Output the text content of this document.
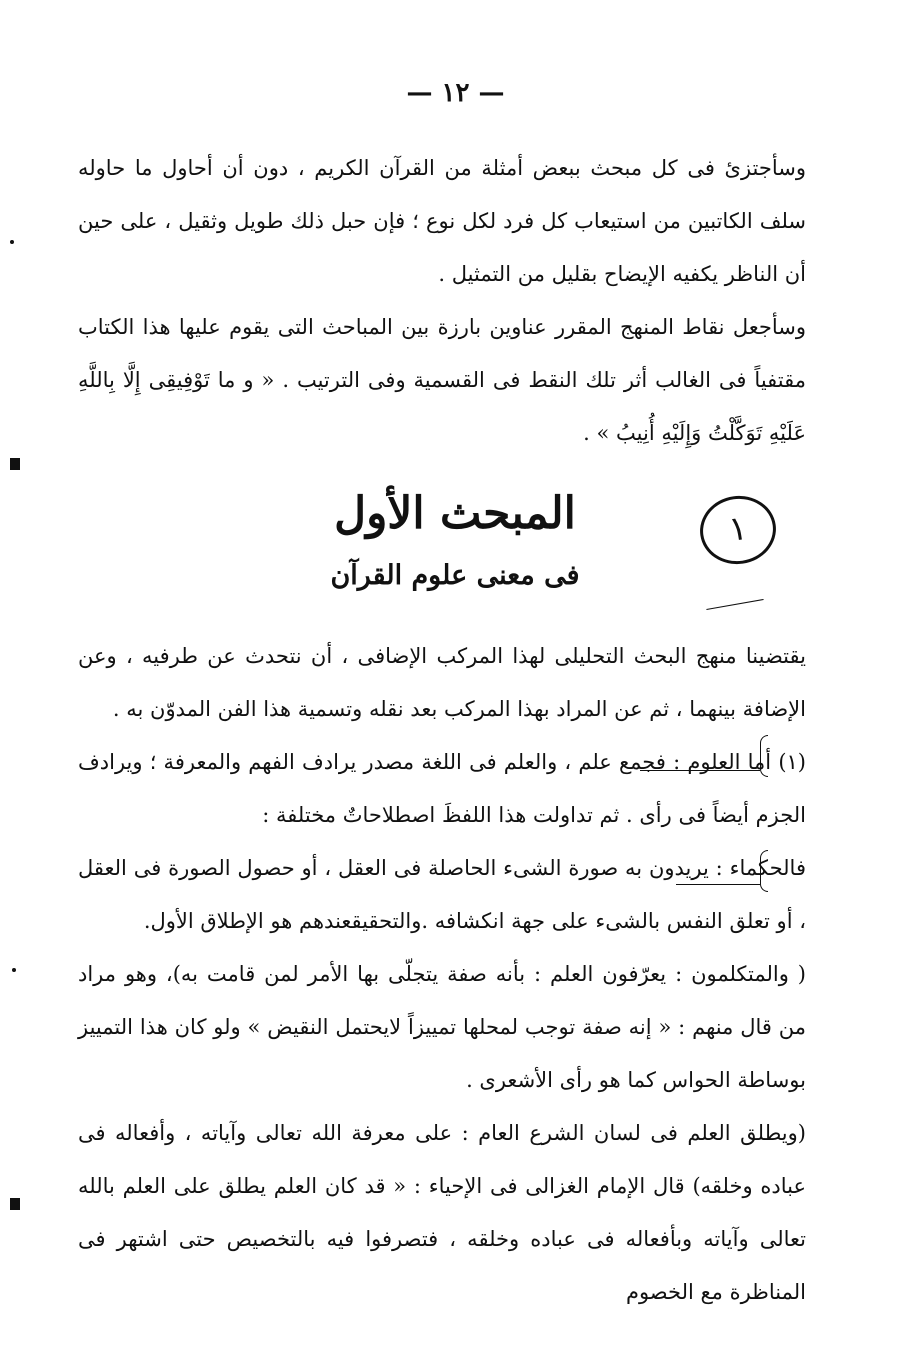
— ١٢ —

وسأجتزئ فى كل مبحث ببعض أمثلة من القرآن الكريم ، دون أن أحاول ما حاوله سلف الكاتبين من استيعاب كل فرد لكل نوع ؛ فإن حبل ذلك طويل وثقيل ، على حين أن الناظر يكفيه الإيضاح بقليل من التمثيل .

وسأجعل نقاط المنهج المقرر عناوين بارزة بين المباحث التى يقوم عليها هذا الكتاب مقتفياً فى الغالب أثر تلك النقط فى القسمية وفى الترتيب . « و ما تَوْفِيقِى إِلَّا بِاللَّهِ عَلَيْهِ تَوَكَّلْتُ وَإِلَيْهِ أُنِيبُ » .

١
المبحث الأول
فى معنى علوم القرآن

يقتضينا منهج البحث التحليلى لهذا المركب الإضافى ، أن نتحدث عن طرفيه ، وعن الإضافة بينهما ، ثم عن المراد بهذا المركب بعد نقله وتسمية هذا الفن المدوّن به .

(١) أما العلوم : فجمع علم ، والعلم فى اللغة مصدر يرادف الفهم والمعرفة ؛ ويرادف الجزم أيضاً فى رأى . ثم تداولت هذا اللفظَ اصطلاحاتٌ مختلفة :

فالحكماء : يريدون به صورة الشىء الحاصلة فى العقل ، أو حصول الصورة فى العقل ، أو تعلق النفس بالشىء على جهة انكشافه .والتحقيقعندهم هو الإطلاق الأول.

( والمتكلمون : يعرّفون العلم : بأنه صفة يتجلّى بها الأمر لمن قامت به)، وهو مراد من قال منهم : « إنه صفة توجب لمحلها تمييزاً لايحتمل النقيض » ولو كان هذا التمييز بوساطة الحواس كما هو رأى الأشعرى .

(ويطلق العلم فى لسان الشرع العام : على معرفة الله تعالى وآياته ، وأفعاله فى عباده وخلقه) قال الإمام الغزالى فى الإحياء : « قد كان العلم يطلق على العلم بالله تعالى وآياته وبأفعاله فى عباده وخلقه ، فتصرفوا فيه بالتخصيص حتى اشتهر فى المناظرة مع الخصوم
